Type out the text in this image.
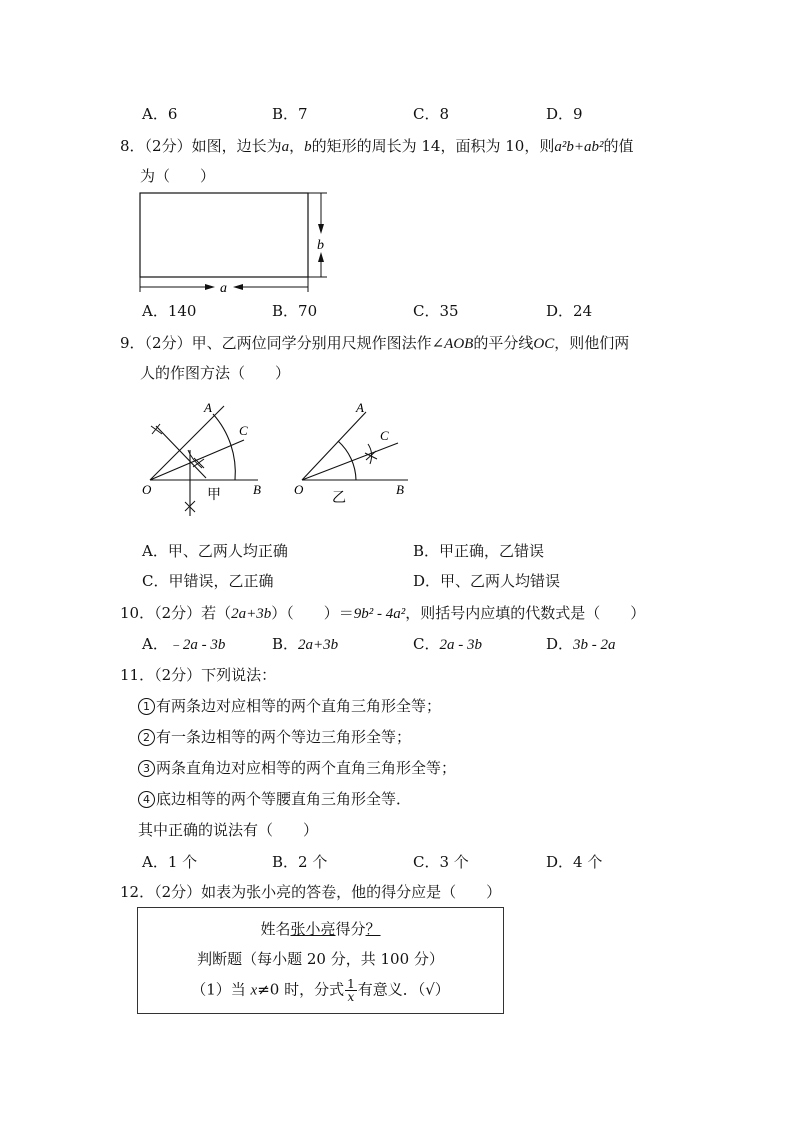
A．6	B．7	C．8	D．9
8．（2分）如图，边长为a，b的矩形的周长为 14，面积为 10，则a²b+ab²的值
为（　　）
a
b
A．140	B．70	C．35	D．24
9．（2分）甲、乙两位同学分别用尺规作图法作∠AOB的平分线OC，则他们两
人的作图方法（　　）
A
C
O	B
甲
A
C
O	B
乙
A．甲、乙两人均正确	B．甲正确，乙错误
C．甲错误，乙正确	D．甲、乙两人均错误
10．（2分）若（2a+3b）（　　）＝9b² - 4a²，则括号内应填的代数式是（　　）
A．﹣2a - 3b	B．2a+3b	C．2a - 3b	D．3b - 2a
11．（2分）下列说法：
1 有两条边对应相等的两个直角三角形全等；
2 有一条边相等的两个等边三角形全等；
3 两条直角边对应相等的两个直角三角形全等；
4 底边相等的两个等腰直角三角形全等．
其中正确的说法有（　　）
A．1 个	B．2 个	C．3 个	D．4 个
12．（2分）如表为张小亮的答卷，他的得分应是（　　）
姓名张小亮得分？
判断题（每小题 20 分，共 100 分）
（1）当 x≠0 时，分式 $\frac{1}{x}$ 有意义．（√）
